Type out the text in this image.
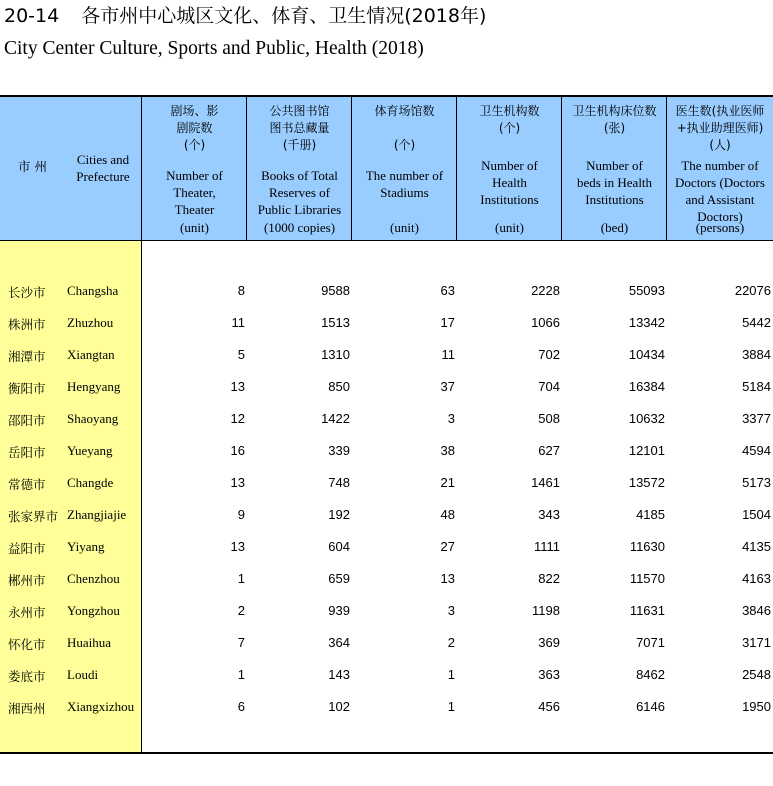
20-14 各市州中心城区文化、体育、卫生情况(2018年)
City Center Culture, Sports and Public, Health (2018)
市 州	Cities and Prefecture
剧场、影
剧院数
(个)
Number of
Theater,
Theater
(unit)
公共图书馆
图书总藏量
(千册)
Books of Total
Reserves of
Public Libraries
(1000 copies)
体育场馆数

(个)
The number of
Stadiums
(unit)
卫生机构数
(个)
Number of
Health
Institutions
(unit)
卫生机构床位数
(张)
Number of
beds in Health
Institutions
(bed)
医生数(执业医师
+执业助理医师)
(人)
The number of
Doctors (Doctors
and Assistant
Doctors)
(persons)
长沙市 Changsha	8	9588	63	2228	55093	22076
株洲市 Zhuzhou	11	1513	17	1066	13342	5442
湘潭市 Xiangtan	5	1310	11	702	10434	3884
衡阳市 Hengyang	13	850	37	704	16384	5184
邵阳市 Shaoyang	12	1422	3	508	10632	3377
岳阳市 Yueyang	16	339	38	627	12101	4594
常德市 Changde	13	748	21	1461	13572	5173
张家界市 Zhangjiajie	9	192	48	343	4185	1504
益阳市 Yiyang	13	604	27	1111	11630	4135
郴州市 Chenzhou	1	659	13	822	11570	4163
永州市 Yongzhou	2	939	3	1198	11631	3846
怀化市 Huaihua	7	364	2	369	7071	3171
娄底市 Loudi	1	143	1	363	8462	2548
湘西州 Xiangxizhou	6	102	1	456	6146	1950
